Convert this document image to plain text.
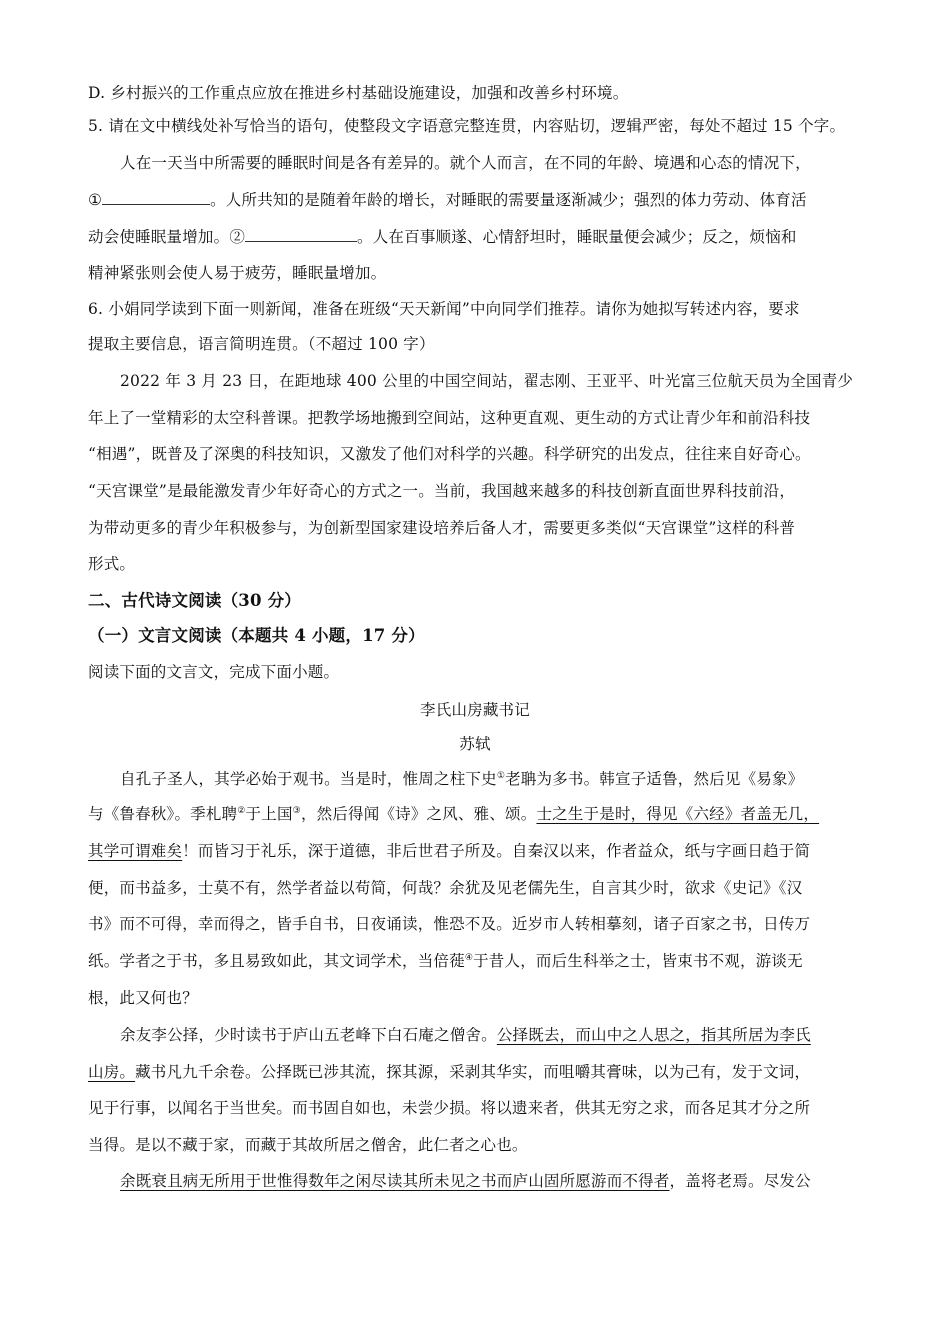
D. 乡村振兴的工作重点应放在推进乡村基础设施建设，加强和改善乡村环境。
5. 请在文中横线处补写恰当的语句，使整段文字语意完整连贯，内容贴切，逻辑严密，每处不超过 15 个字。
人在一天当中所需要的睡眠时间是各有差异的。就个人而言，在不同的年龄、境遇和心态的情况下，
①	。人所共知的是随着年龄的增长，对睡眠的需要量逐渐减少；强烈的体力劳动、体育活
动会使睡眠量增加。②	。人在百事顺遂、心情舒坦时，睡眠量便会减少；反之，烦恼和
精神紧张则会使人易于疲劳，睡眠量增加。
6. 小娟同学读到下面一则新闻，准备在班级“天天新闻”中向同学们推荐。请你为她拟写转述内容，要求
提取主要信息，语言简明连贯。（不超过 100 字）
2022 年 3 月 23 日，在距地球 400 公里的中国空间站，翟志刚、王亚平、叶光富三位航天员为全国青少
年上了一堂精彩的太空科普课。把教学场地搬到空间站，这种更直观、更生动的方式让青少年和前沿科技
“相遇”，既普及了深奥的科技知识，又激发了他们对科学的兴趣。科学研究的出发点，往往来自好奇心。
“天宫课堂”是最能激发青少年好奇心的方式之一。当前，我国越来越多的科技创新直面世界科技前沿，
为带动更多的青少年积极参与，为创新型国家建设培养后备人才，需要更多类似“天宫课堂”这样的科普
形式。
二、古代诗文阅读（30 分）
（一）文言文阅读（本题共 4 小题，17 分）
阅读下面的文言文，完成下面小题。
李氏山房藏书记
苏轼
自孔子圣人，其学必始于观书。当是时，惟周之柱下史①老聃为多书。韩宣子适鲁，然后见《易象》
与《鲁春秋》。季札聘②于上国③，然后得闻《诗》之风、雅、颂。士之生于是时，得见《六经》者盖无几，
其学可谓难矣！而皆习于礼乐，深于道德，非后世君子所及。自秦汉以来，作者益众，纸与字画日趋于简
便，而书益多，士莫不有，然学者益以苟简，何哉？余犹及见老儒先生，自言其少时，欲求《史记》《汉
书》而不可得，幸而得之，皆手自书，日夜诵读，惟恐不及。近岁市人转相摹刻，诸子百家之书，日传万
纸。学者之于书，多且易致如此，其文词学术，当倍蓰④于昔人，而后生科举之士，皆束书不观，游谈无
根，此又何也？
余友李公择，少时读书于庐山五老峰下白石庵之僧舍。公择既去，而山中之人思之，指其所居为李氏
山房。藏书凡九千余卷。公择既已涉其流，探其源，采剥其华实，而咀嚼其膏味，以为己有，发于文词，
见于行事，以闻名于当世矣。而书固自如也，未尝少损。将以遗来者，供其无穷之求，而各足其才分之所
当得。是以不藏于家，而藏于其故所居之僧舍，此仁者之心也。
余既衰且病无所用于世惟得数年之闲尽读其所未见之书而庐山固所愿游而不得者，盖将老焉。尽发公
